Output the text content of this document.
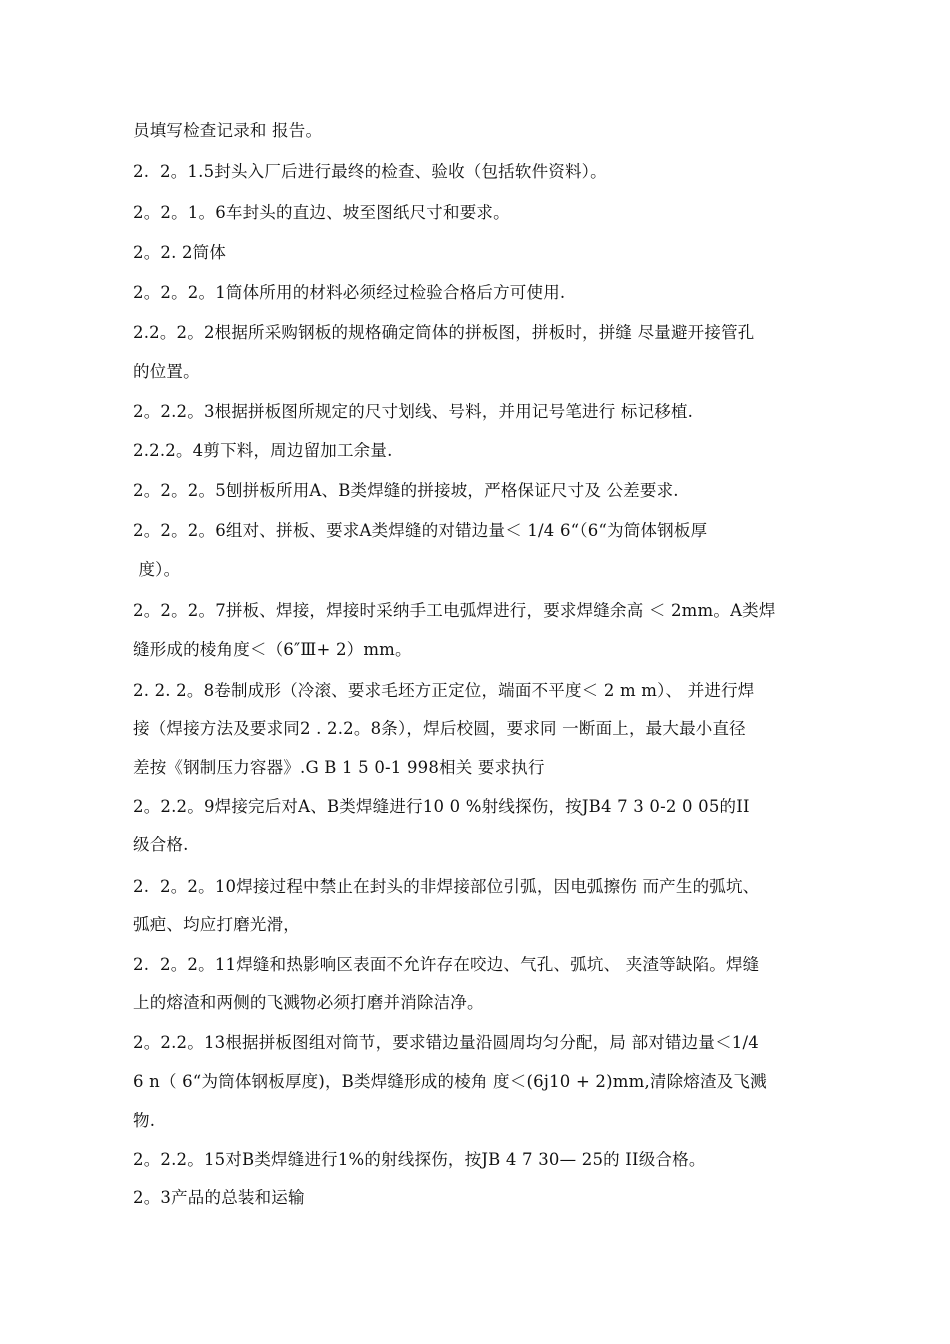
员填写检查记录和 报告。
2.  2。1.5封头入厂后进行最终的检查、验收（包括软件资料）。
2。2。1。6车封头的直边、坡至图纸尺寸和要求。
2。2. 2筒体
2。2。2。1筒体所用的材料必须经过检验合格后方可使用.
2.2。2。2根据所采购钢板的规格确定筒体的拼板图，拼板时，拼缝 尽量避开接管孔
的位置。
2。2.2。3根据拼板图所规定的尺寸划线、号料，并用记号笔进行 标记移植.
2.2.2。4剪下料，周边留加工余量.
2。2。2。5刨拼板所用A、B类焊缝的拼接坡，严格保证尺寸及 公差要求.
2。2。2。6组对、拼板、要求A类焊缝的对错边量＜ 1/4 6“（6“为筒体钢板厚
度）。
2。2。2。7拼板、焊接，焊接时采纳手工电弧焊进行，要求焊缝余高 ＜ 2mm。A类焊
缝形成的棱角度＜（6″Ⅲ+ 2）mm。
2. 2. 2。8卷制成形（冷滚、要求毛坯方正定位，端面不平度＜ 2 m m）、 并进行焊
接（焊接方法及要求同2 . 2.2。8条），焊后校圆，要求同 一断面上，最大最小直径
差按《钢制压力容器》.G B 1 5 0-1 998相关 要求执行
2。2.2。9焊接完后对A、B类焊缝进行10 0 %射线探伤，按JB4 7 3 0-2 0 05的II
级合格.
2.  2。2。10焊接过程中禁止在封头的非焊接部位引弧，因电弧擦伤 而产生的弧坑、
弧疤、均应打磨光滑，
2.  2。2。11焊缝和热影响区表面不允许存在咬边、气孔、弧坑、 夹渣等缺陷。焊缝
上的熔渣和两侧的飞溅物必须打磨并消除洁净。
2。2.2。13根据拼板图组对筒节，要求错边量沿圆周均匀分配，局 部对错边量＜1/4
6 n（ 6“为筒体钢板厚度)，B类焊缝形成的棱角 度＜(6j10 + 2)mm,清除熔渣及飞溅
物.
2。2.2。15对B类焊缝进行1%的射线探伤，按JB 4 7 30— 25的 II级合格。
2。3产品的总装和运输
